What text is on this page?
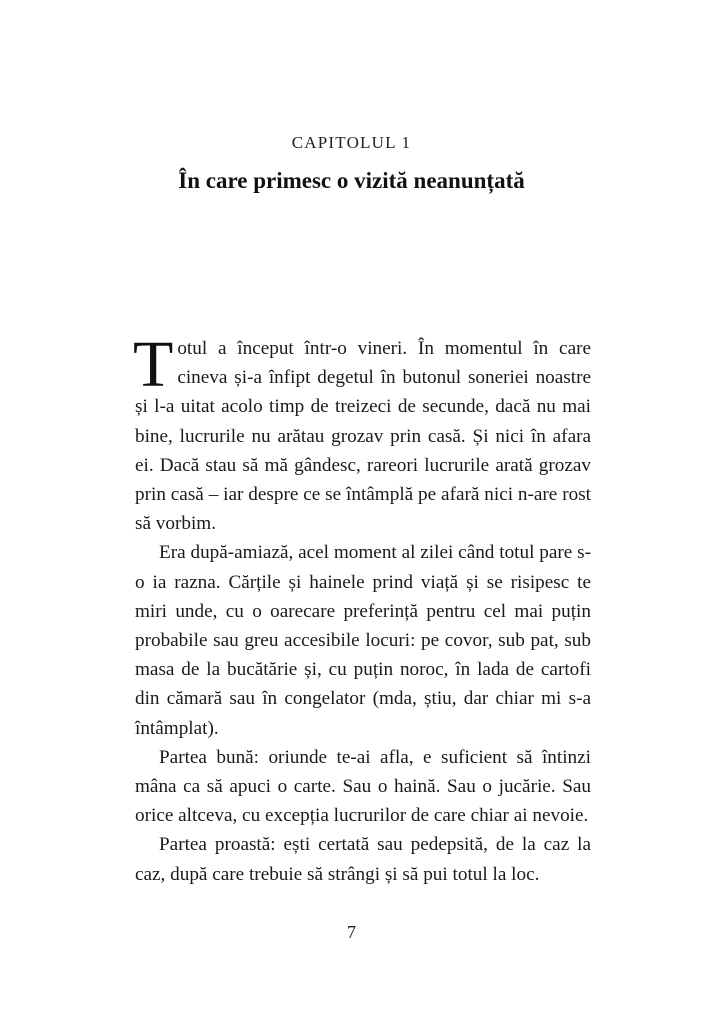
CAPITOLUL 1
În care primesc o vizită neanunțată

Totul a început într-o vineri. În momentul în care cineva și-a înfipt degetul în butonul soneriei noastre și l-a uitat acolo timp de treizeci de secunde, dacă nu mai bine, lucrurile nu arătau grozav prin casă. Și nici în afara ei. Dacă stau să mă gândesc, rareori lucrurile arată grozav prin casă – iar despre ce se întâmplă pe afară nici n-are rost să vorbim.

Era după-amiază, acel moment al zilei când totul pare s-o ia razna. Cărțile și hainele prind viață și se risipesc te miri unde, cu o oarecare preferință pentru cel mai puțin probabile sau greu accesibile locuri: pe covor, sub pat, sub masa de la bucătărie și, cu puțin noroc, în lada de cartofi din cămară sau în congelator (mda, știu, dar chiar mi s-a întâmplat).

Partea bună: oriunde te-ai afla, e suficient să întinzi mâna ca să apuci o carte. Sau o haină. Sau o jucărie. Sau orice altceva, cu excepția lucrurilor de care chiar ai nevoie.

Partea proastă: ești certată sau pedepsită, de la caz la caz, după care trebuie să strângi și să pui totul la loc.

7
